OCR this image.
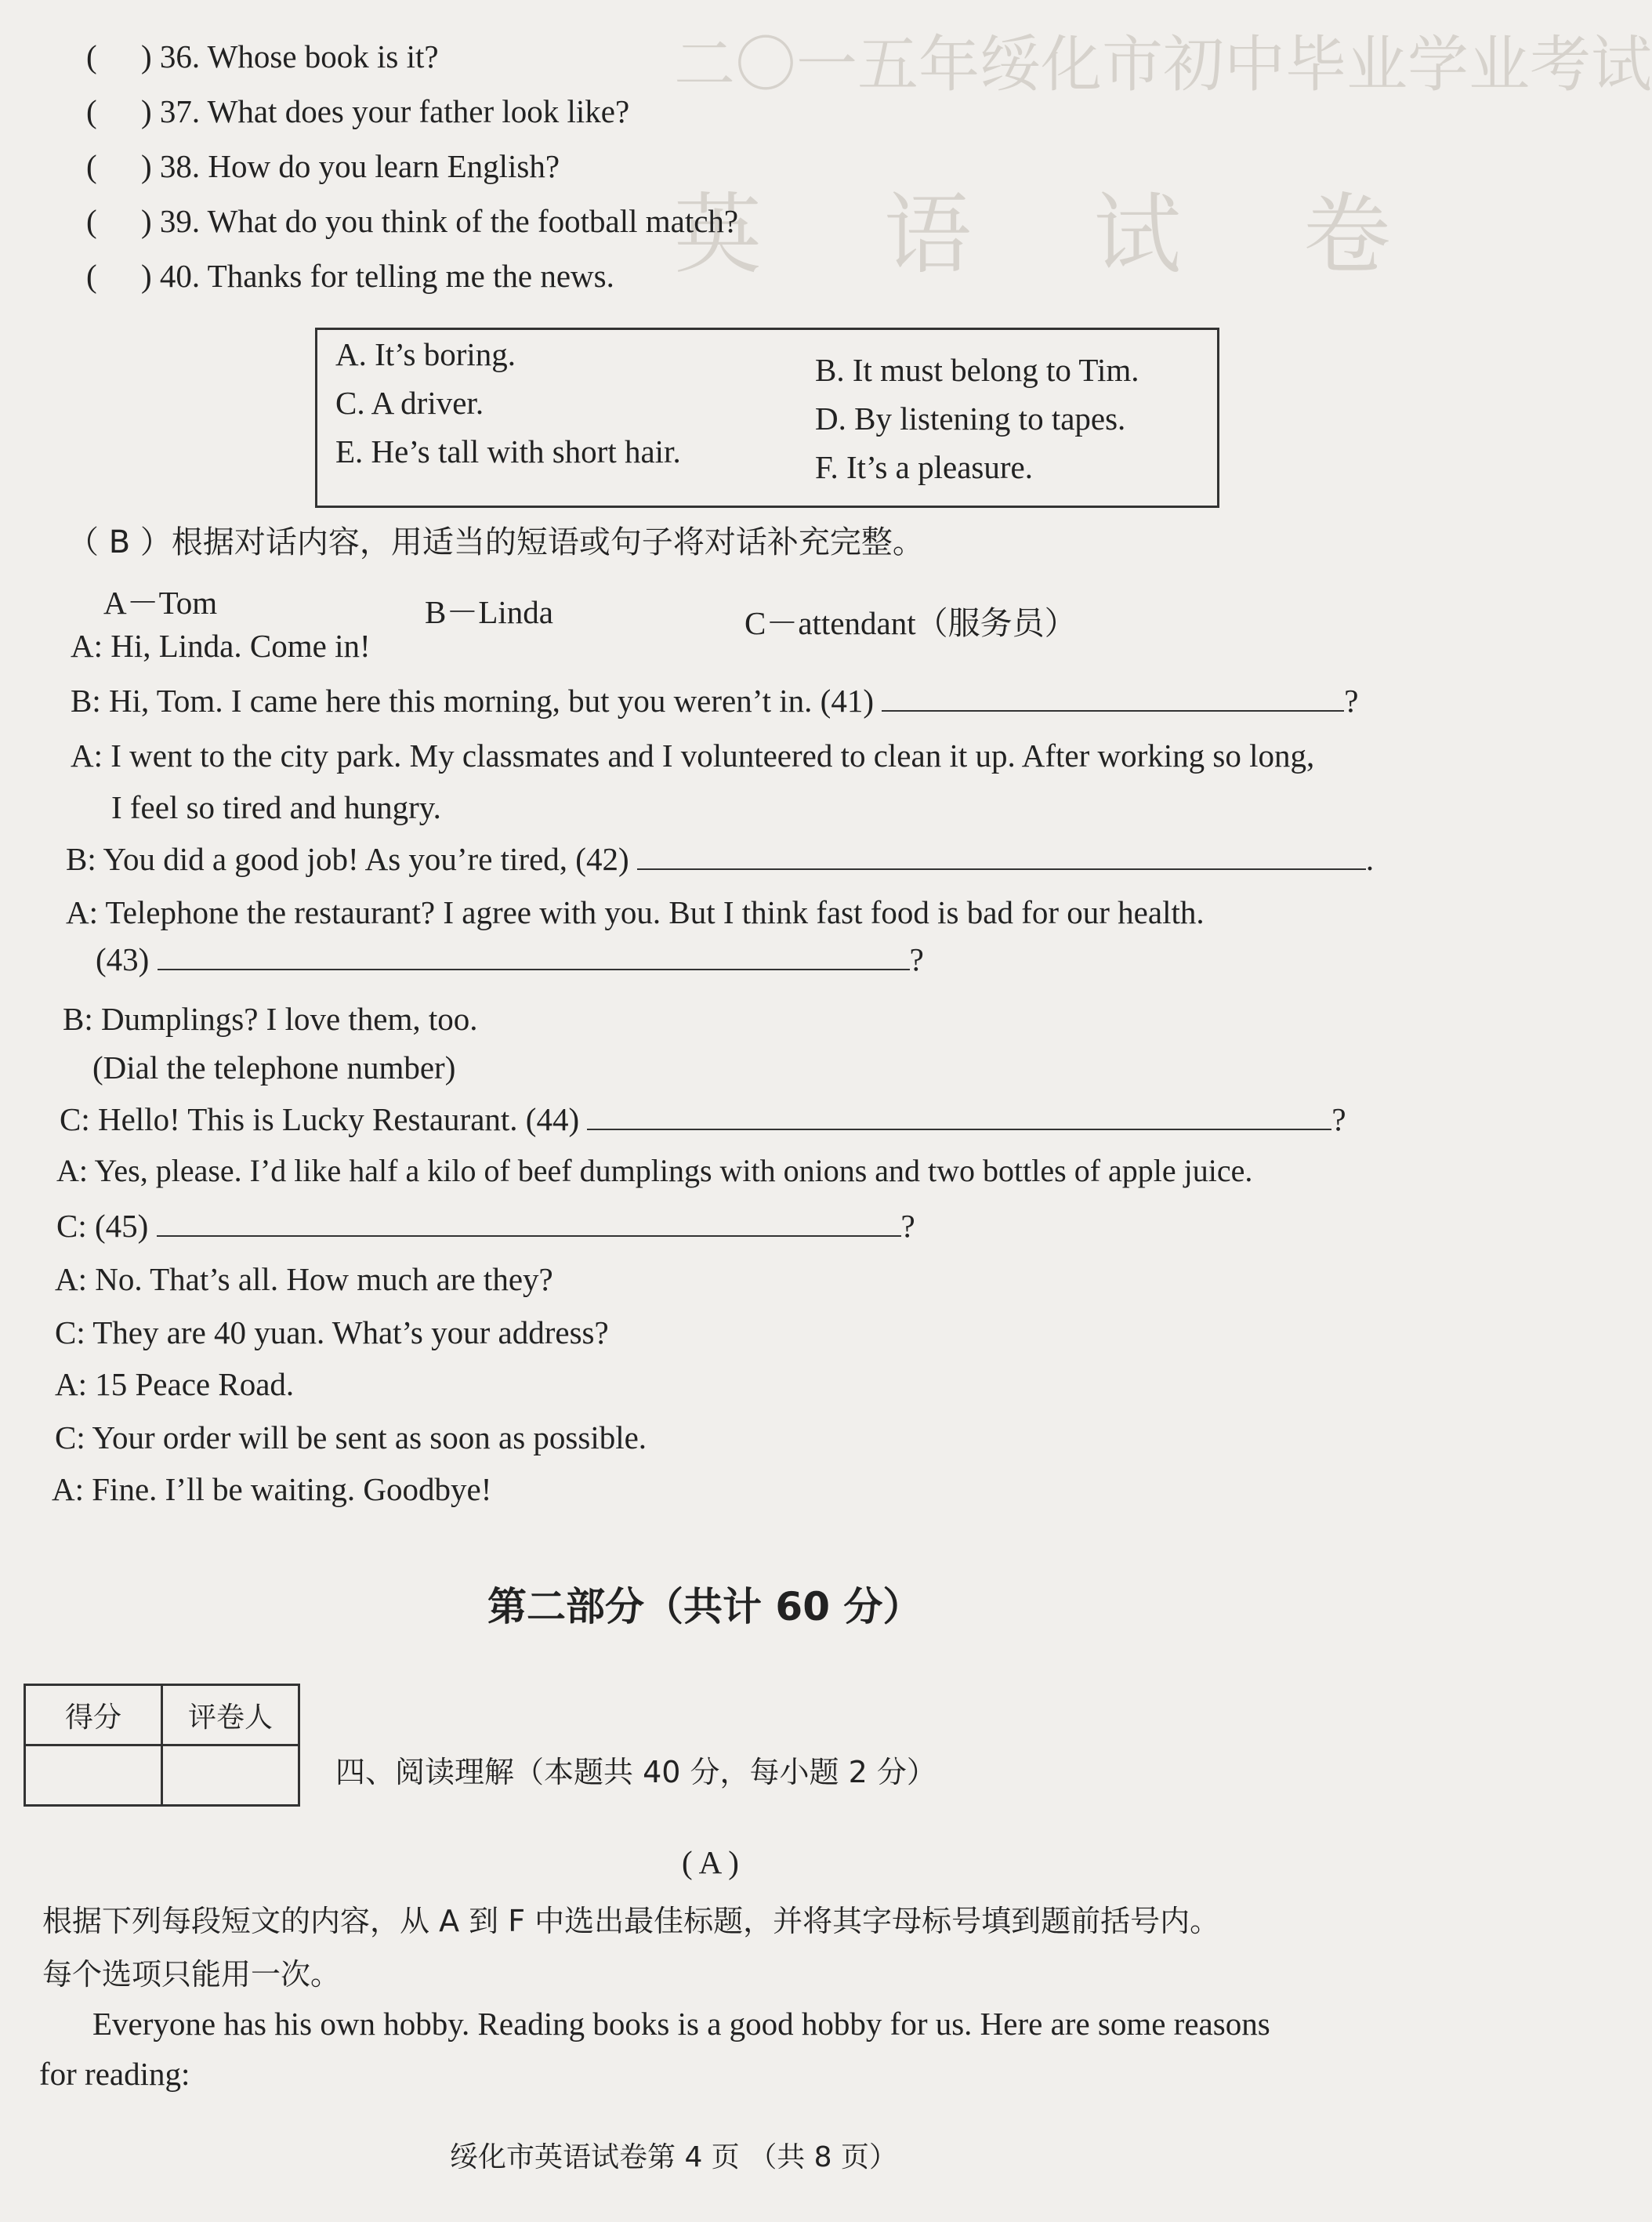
二〇一五年绥化市初中毕业学业考试
英 语 试 卷
( ) 36. Whose book is it?
( ) 37. What does your father look like?
( ) 38. How do you learn English?
( ) 39. What do you think of the football match?
( ) 40. Thanks for telling me the news.
A. It’s boring.	B. It must belong to Tim.
C. A driver.	D. By listening to tapes.
E. He’s tall with short hair.	F. It’s a pleasure.
（ B ）根据对话内容，用适当的短语或句子将对话补充完整。
A－Tom	B－Linda	C－attendant（服务员）
A: Hi, Linda. Come in!
B: Hi, Tom. I came here this morning, but you weren’t in. (41)	?
A: I went to the city park. My classmates and I volunteered to clean it up. After working so long,
I feel so tired and hungry.
B: You did a good job! As you’re tired, (42)	.
A: Telephone the restaurant? I agree with you. But I think fast food is bad for our health.
(43)	?
B: Dumplings? I love them, too.
(Dial the telephone number)
C: Hello! This is Lucky Restaurant. (44)	?
A: Yes, please. I’d like half a kilo of beef dumplings with onions and two bottles of apple juice.
C: (45)	?
A: No. That’s all. How much are they?
C: They are 40 yuan. What’s your address?
A: 15 Peace Road.
C: Your order will be sent as soon as possible.
A: Fine. I’ll be waiting. Goodbye!
第二部分（共计 60 分）
得分	评卷人

四、阅读理解（本题共 40 分，每小题 2 分）
( A )
根据下列每段短文的内容，从 A 到 F 中选出最佳标题，并将其字母标号填到题前括号内。
每个选项只能用一次。
Everyone has his own hobby. Reading books is a good hobby for us. Here are some reasons
for reading:
绥化市英语试卷第 4 页 （共 8 页）
